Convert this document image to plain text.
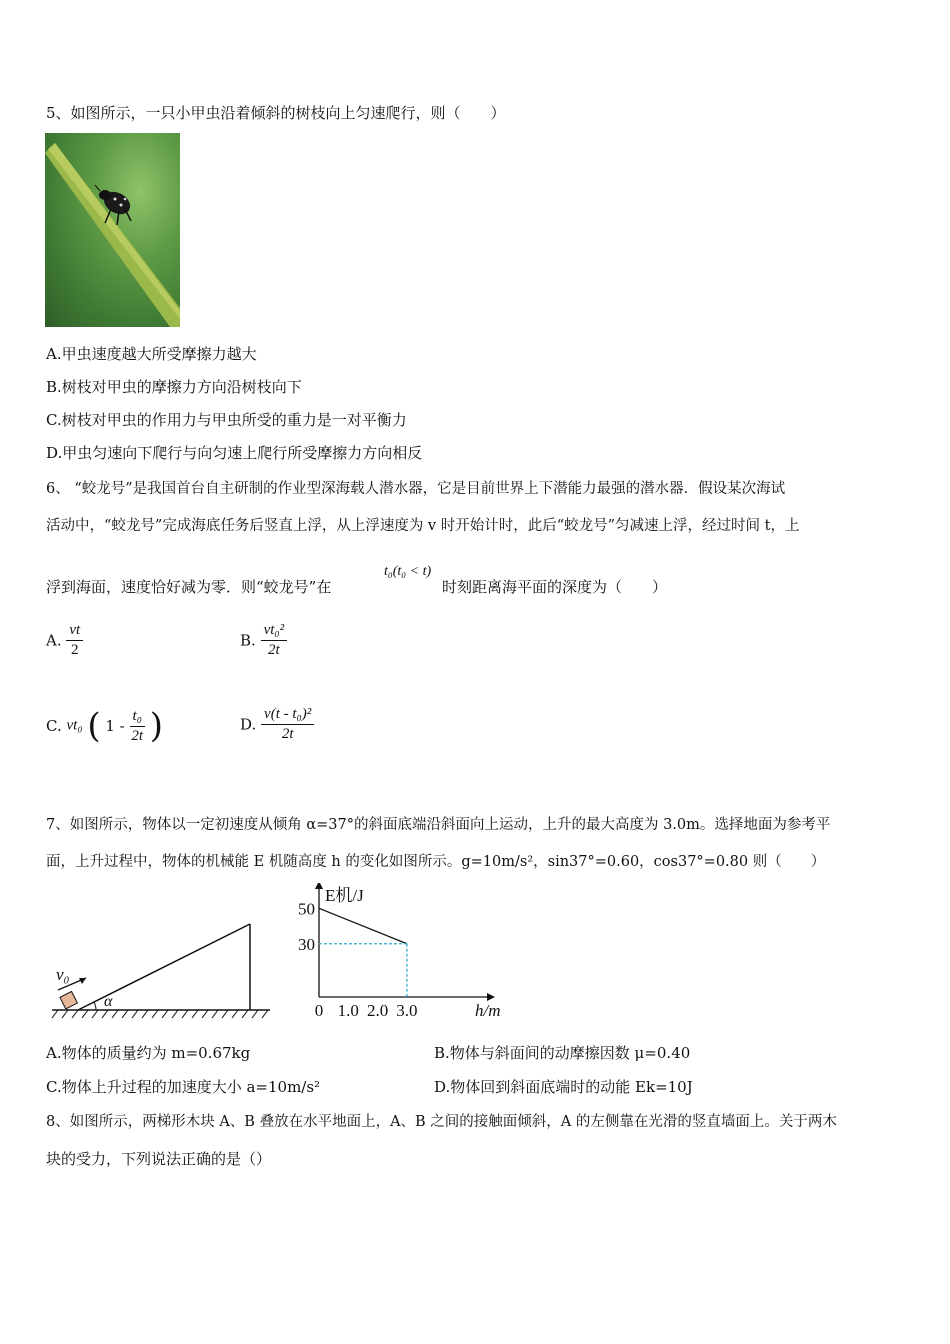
5、如图所示，一只小甲虫沿着倾斜的树枝向上匀速爬行，则（　　）
A.甲虫速度越大所受摩擦力越大
B.树枝对甲虫的摩擦力方向沿树枝向下
C.树枝对甲虫的作用力与甲虫所受的重力是一对平衡力
D.甲虫匀速向下爬行与向匀速上爬行所受摩擦力方向相反
6、 “蛟龙号”是我国首台自主研制的作业型深海载人潜水器，它是目前世界上下潜能力最强的潜水器．假设某次海试
活动中，“蛟龙号”完成海底任务后竖直上浮，从上浮速度为 v 时开始计时，此后“蛟龙号”匀减速上浮，经过时间 t，上
浮到海面，速度恰好减为零．则“蛟龙号”在
t₀(t₀ < t)
时刻距离海平面的深度为（　　）
A. $\frac{vt}{2}$	B. $\frac{\text{vt₀²}}{2t}$
C. vt₀ ( $1 - \frac{\text{t₀}}{2t}$ )	D. $\frac{\text{v(t - t₀)²}}{2t}$
7、如图所示，物体以一定初速度从倾角 α=37°的斜面底端沿斜面向上运动，上升的最大高度为 3.0m。选择地面为参考平
面，上升过程中，物体的机械能 E 机随高度 h 的变化如图所示。g=10m/s²，sin37°=0.60，cos37°=0.80 则（　　）
v₀
α
50
30
0 1.0 2.0 3.0
E机/J
h/m
A.物体的质量约为 m=0.67kg	B.物体与斜面间的动摩擦因数 μ=0.40
C.物体上升过程的加速度大小 a=10m/s²	D.物体回到斜面底端时的动能 Ek=10J
8、如图所示，两梯形木块 A、B 叠放在水平地面上，A、B 之间的接触面倾斜，A 的左侧靠在光滑的竖直墙面上。关于两木
块的受力，下列说法正确的是（）
